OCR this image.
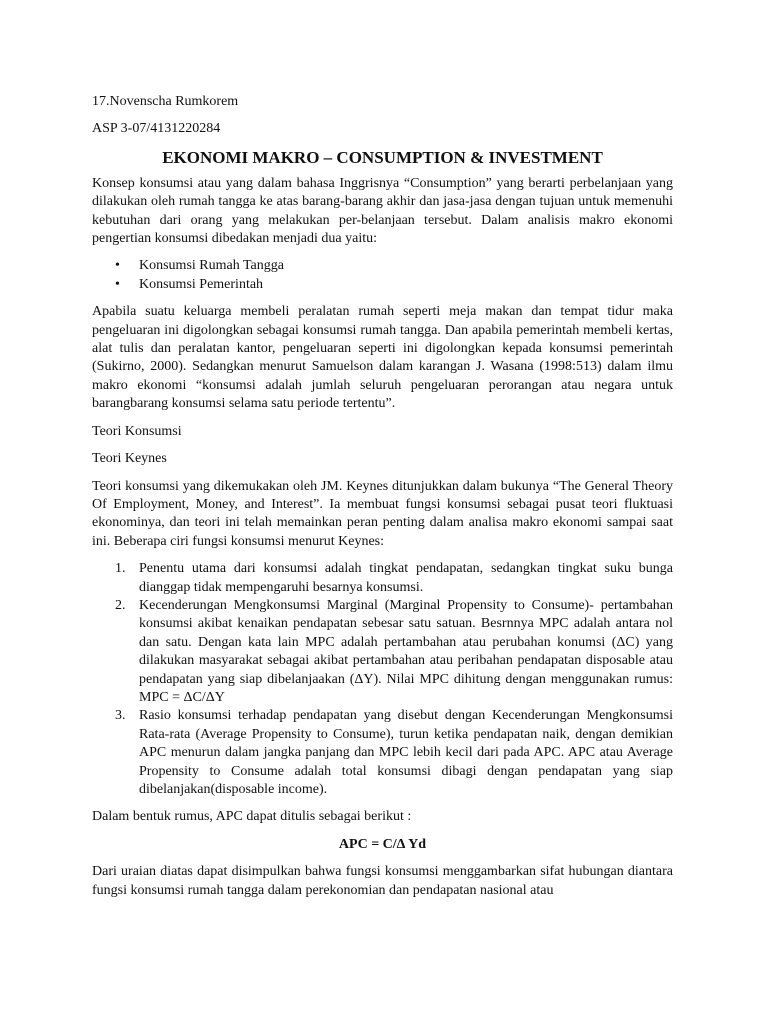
17.Novenscha Rumkorem

ASP 3-07/4131220284

EKONOMI MAKRO – CONSUMPTION & INVESTMENT

Konsep konsumsi atau yang dalam bahasa Inggrisnya “Consumption” yang berarti perbelanjaan yang dilakukan oleh rumah tangga ke atas barang-barang akhir dan jasa-jasa dengan tujuan untuk memenuhi kebutuhan dari orang yang melakukan per-belanjaan tersebut. Dalam analisis makro ekonomi pengertian konsumsi dibedakan menjadi dua yaitu:

• Konsumsi Rumah Tangga
• Konsumsi Pemerintah

Apabila suatu keluarga membeli peralatan rumah seperti meja makan dan tempat tidur maka pengeluaran ini digolongkan sebagai konsumsi rumah tangga. Dan apabila pemerintah membeli kertas, alat tulis dan peralatan kantor, pengeluaran seperti ini digolongkan kepada konsumsi pemerintah (Sukirno, 2000). Sedangkan menurut Samuelson dalam karangan J. Wasana (1998:513) dalam ilmu makro ekonomi “konsumsi adalah jumlah seluruh pengeluaran perorangan atau negara untuk barangbarang konsumsi selama satu periode tertentu”.

Teori Konsumsi

Teori Keynes

Teori konsumsi yang dikemukakan oleh JM. Keynes ditunjukkan dalam bukunya “The General Theory Of Employment, Money, and Interest”. Ia membuat fungsi konsumsi sebagai pusat teori fluktuasi ekonominya, dan teori ini telah memainkan peran penting dalam analisa makro ekonomi sampai saat ini. Beberapa ciri fungsi konsumsi menurut Keynes:

1. Penentu utama dari konsumsi adalah tingkat pendapatan, sedangkan tingkat suku bunga dianggap tidak mempengaruhi besarnya konsumsi.
2. Kecenderungan Mengkonsumsi Marginal (Marginal Propensity to Consume)- pertambahan konsumsi akibat kenaikan pendapatan sebesar satu satuan. Besrnnya MPC adalah antara nol dan satu. Dengan kata lain MPC adalah pertambahan atau perubahan konumsi (ΔC) yang dilakukan masyarakat sebagai akibat pertambahan atau peribahan pendapatan disposable atau pendapatan yang siap dibelanjaakan (ΔY). Nilai MPC dihitung dengan menggunakan rumus: MPC = ΔC/ΔY
3. Rasio konsumsi terhadap pendapatan yang disebut dengan Kecenderungan Mengkonsumsi Rata-rata (Average Propensity to Consume), turun ketika pendapatan naik, dengan demikian APC menurun dalam jangka panjang dan MPC lebih kecil dari pada APC. APC atau Average Propensity to Consume adalah total konsumsi dibagi dengan pendapatan yang siap dibelanjakan(disposable income).

Dalam bentuk rumus, APC dapat ditulis sebagai berikut :

APC = C/Δ Yd

Dari uraian diatas dapat disimpulkan bahwa fungsi konsumsi menggambarkan sifat hubungan diantara fungsi konsumsi rumah tangga dalam perekonomian dan pendapatan nasional atau
